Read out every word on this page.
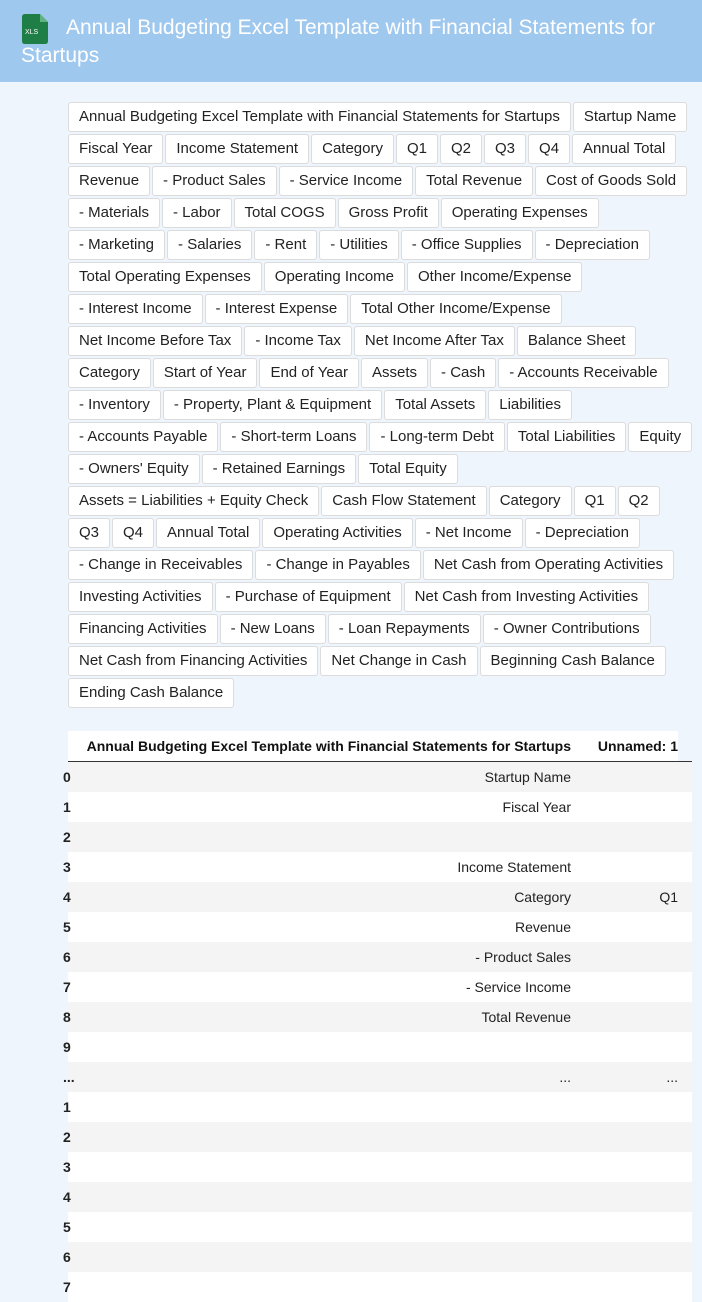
XLS	Annual Budgeting Excel Template with Financial Statements for Startups
Annual Budgeting Excel Template with Financial Statements for Startups	Startup Name
Fiscal Year	Income Statement	Category	Q1	Q2	Q3	Q4	Annual Total
Revenue	- Product Sales	- Service Income	Total Revenue	Cost of Goods Sold
- Materials	- Labor	Total COGS	Gross Profit	Operating Expenses
- Marketing	- Salaries	- Rent	- Utilities	- Office Supplies	- Depreciation
Total Operating Expenses	Operating Income	Other Income/Expense
- Interest Income	- Interest Expense	Total Other Income/Expense
Net Income Before Tax	- Income Tax	Net Income After Tax	Balance Sheet
Category	Start of Year	End of Year	Assets	- Cash	- Accounts Receivable
- Inventory	- Property, Plant & Equipment	Total Assets	Liabilities
- Accounts Payable	- Short-term Loans	- Long-term Debt	Total Liabilities	Equity
- Owners' Equity	- Retained Earnings	Total Equity
Assets = Liabilities + Equity Check	Cash Flow Statement	Category	Q1	Q2
Q3	Q4	Annual Total	Operating Activities	- Net Income	- Depreciation
- Change in Receivables	- Change in Payables	Net Cash from Operating Activities
Investing Activities	- Purchase of Equipment	Net Cash from Investing Activities
Financing Activities	- New Loans	- Loan Repayments	- Owner Contributions
Net Cash from Financing Activities	Net Change in Cash	Beginning Cash Balance
Ending Cash Balance
	Annual Budgeting Excel Template with Financial Statements for Startups	Unnamed: 1
0	Startup Name	
1	Fiscal Year	
2		
3	Income Statement	
4	Category	Q1
5	Revenue	
6	- Product Sales	
7	- Service Income	
8	Total Revenue	
9		
...	...	...
1		
2		
3		
4		
5		
6		
7		
